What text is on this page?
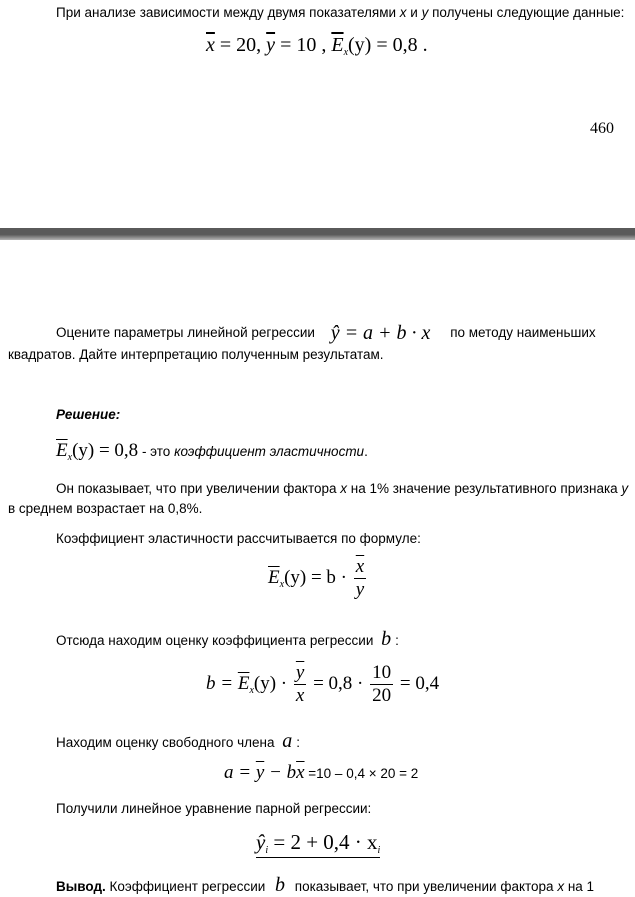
При анализе зависимости между двумя показателями x и y получены следующие данные:
$\overline{x} = 20$, $\overline{y} = 10$ , $\overline{E}_x(y) = 0,8$ .
460
Оцените параметры линейной регрессии ŷ = a + b · x по методу наименьших
квадратов. Дайте интерпретацию полученным результатам.
Решение:
$\overline{E}_x(y) = 0,8$ - это коэффициент эластичности.
Он показывает, что при увеличении фактора x на 1% значение результативного признака y
в среднем возрастает на 0,8%.
Коэффициент эластичности рассчитывается по формуле:
$\overline{E}_x(y) = b \cdot \frac{\overline{x}}{y}$
Отсюда находим оценку коэффициента регрессии b :
$b = \overline{E}_x(y) \cdot \frac{\overline{y}}{x} = 0,8 \cdot \frac{10}{20} = 0,4$
Находим оценку свободного члена a :
$a = \overline{y} - b\overline{x} =10 - 0,4 \times 20 = 2$
Получили линейное уравнение парной регрессии:
$ŷ_i = 2 + 0,4 \cdot x_i$
Вывод. Коэффициент регрессии b показывает, что при увеличении фактора x на 1
